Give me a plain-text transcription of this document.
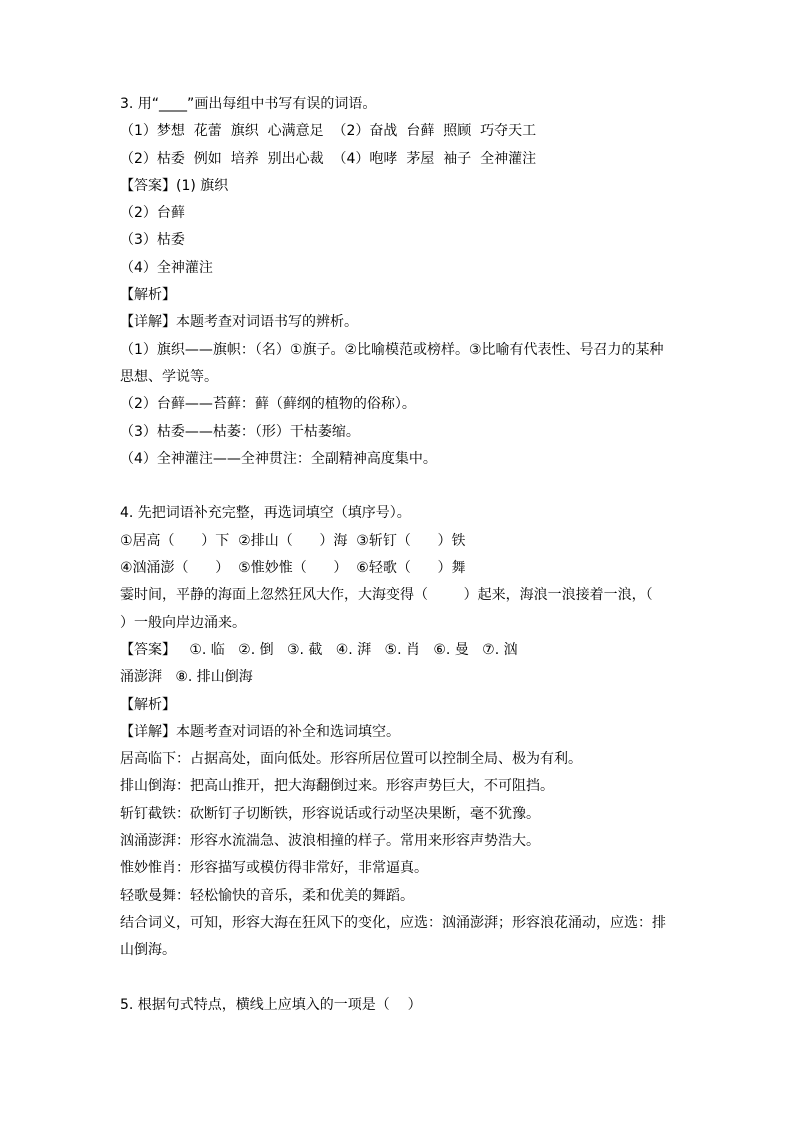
3. 用“____”画出每组中书写有误的词语。
（1）梦想  花蕾  旗织  心满意足  （2）奋战  台藓  照顾  巧夺天工
（2）枯委  例如  培养  别出心裁  （4）咆哮  茅屋  袖子  全神灌注
【答案】(1) 旗织
（2）台藓
（3）枯委
（4）全神灌注
【解析】
【详解】本题考查对词语书写的辨析。
（1）旗织——旗帜：（名）①旗子。②比喻模范或榜样。③比喻有代表性、号召力的某种
思想、学说等。
（2）台藓——苔藓：藓（藓纲的植物的俗称）。
（3）枯委——枯萎：（形）干枯萎缩。
（4）全神灌注——全神贯注：全副精神高度集中。
4. 先把词语补充完整，再选词填空（填序号）。
①居高（      ）下  ②排山（      ）海  ③斩钉（      ）铁
④汹涌澎（      ）  ⑤惟妙惟（      ）  ⑥轻歌（      ）舞
霎时间，平静的海面上忽然狂风大作，大海变得（        ）起来，海浪一浪接着一浪，（
）一般向岸边涌来。
【答案】   ①. 临   ②. 倒   ③. 截   ④. 湃   ⑤. 肖   ⑥. 曼   ⑦. 汹
涌澎湃   ⑧. 排山倒海
【解析】
【详解】本题考查对词语的补全和选词填空。
居高临下：占据高处，面向低处。形容所居位置可以控制全局、极为有利。
排山倒海：把高山推开，把大海翻倒过来。形容声势巨大，不可阻挡。
斩钉截铁：砍断钉子切断铁，形容说话或行动坚决果断，毫不犹豫。
汹涌澎湃：形容水流湍急、波浪相撞的样子。常用来形容声势浩大。
惟妙惟肖：形容描写或模仿得非常好，非常逼真。
轻歌曼舞：轻松愉快的音乐，柔和优美的舞蹈。
结合词义，可知，形容大海在狂风下的变化，应选：汹涌澎湃；形容浪花涌动，应选：排
山倒海。
5. 根据句式特点，横线上应填入的一项是（    ）
